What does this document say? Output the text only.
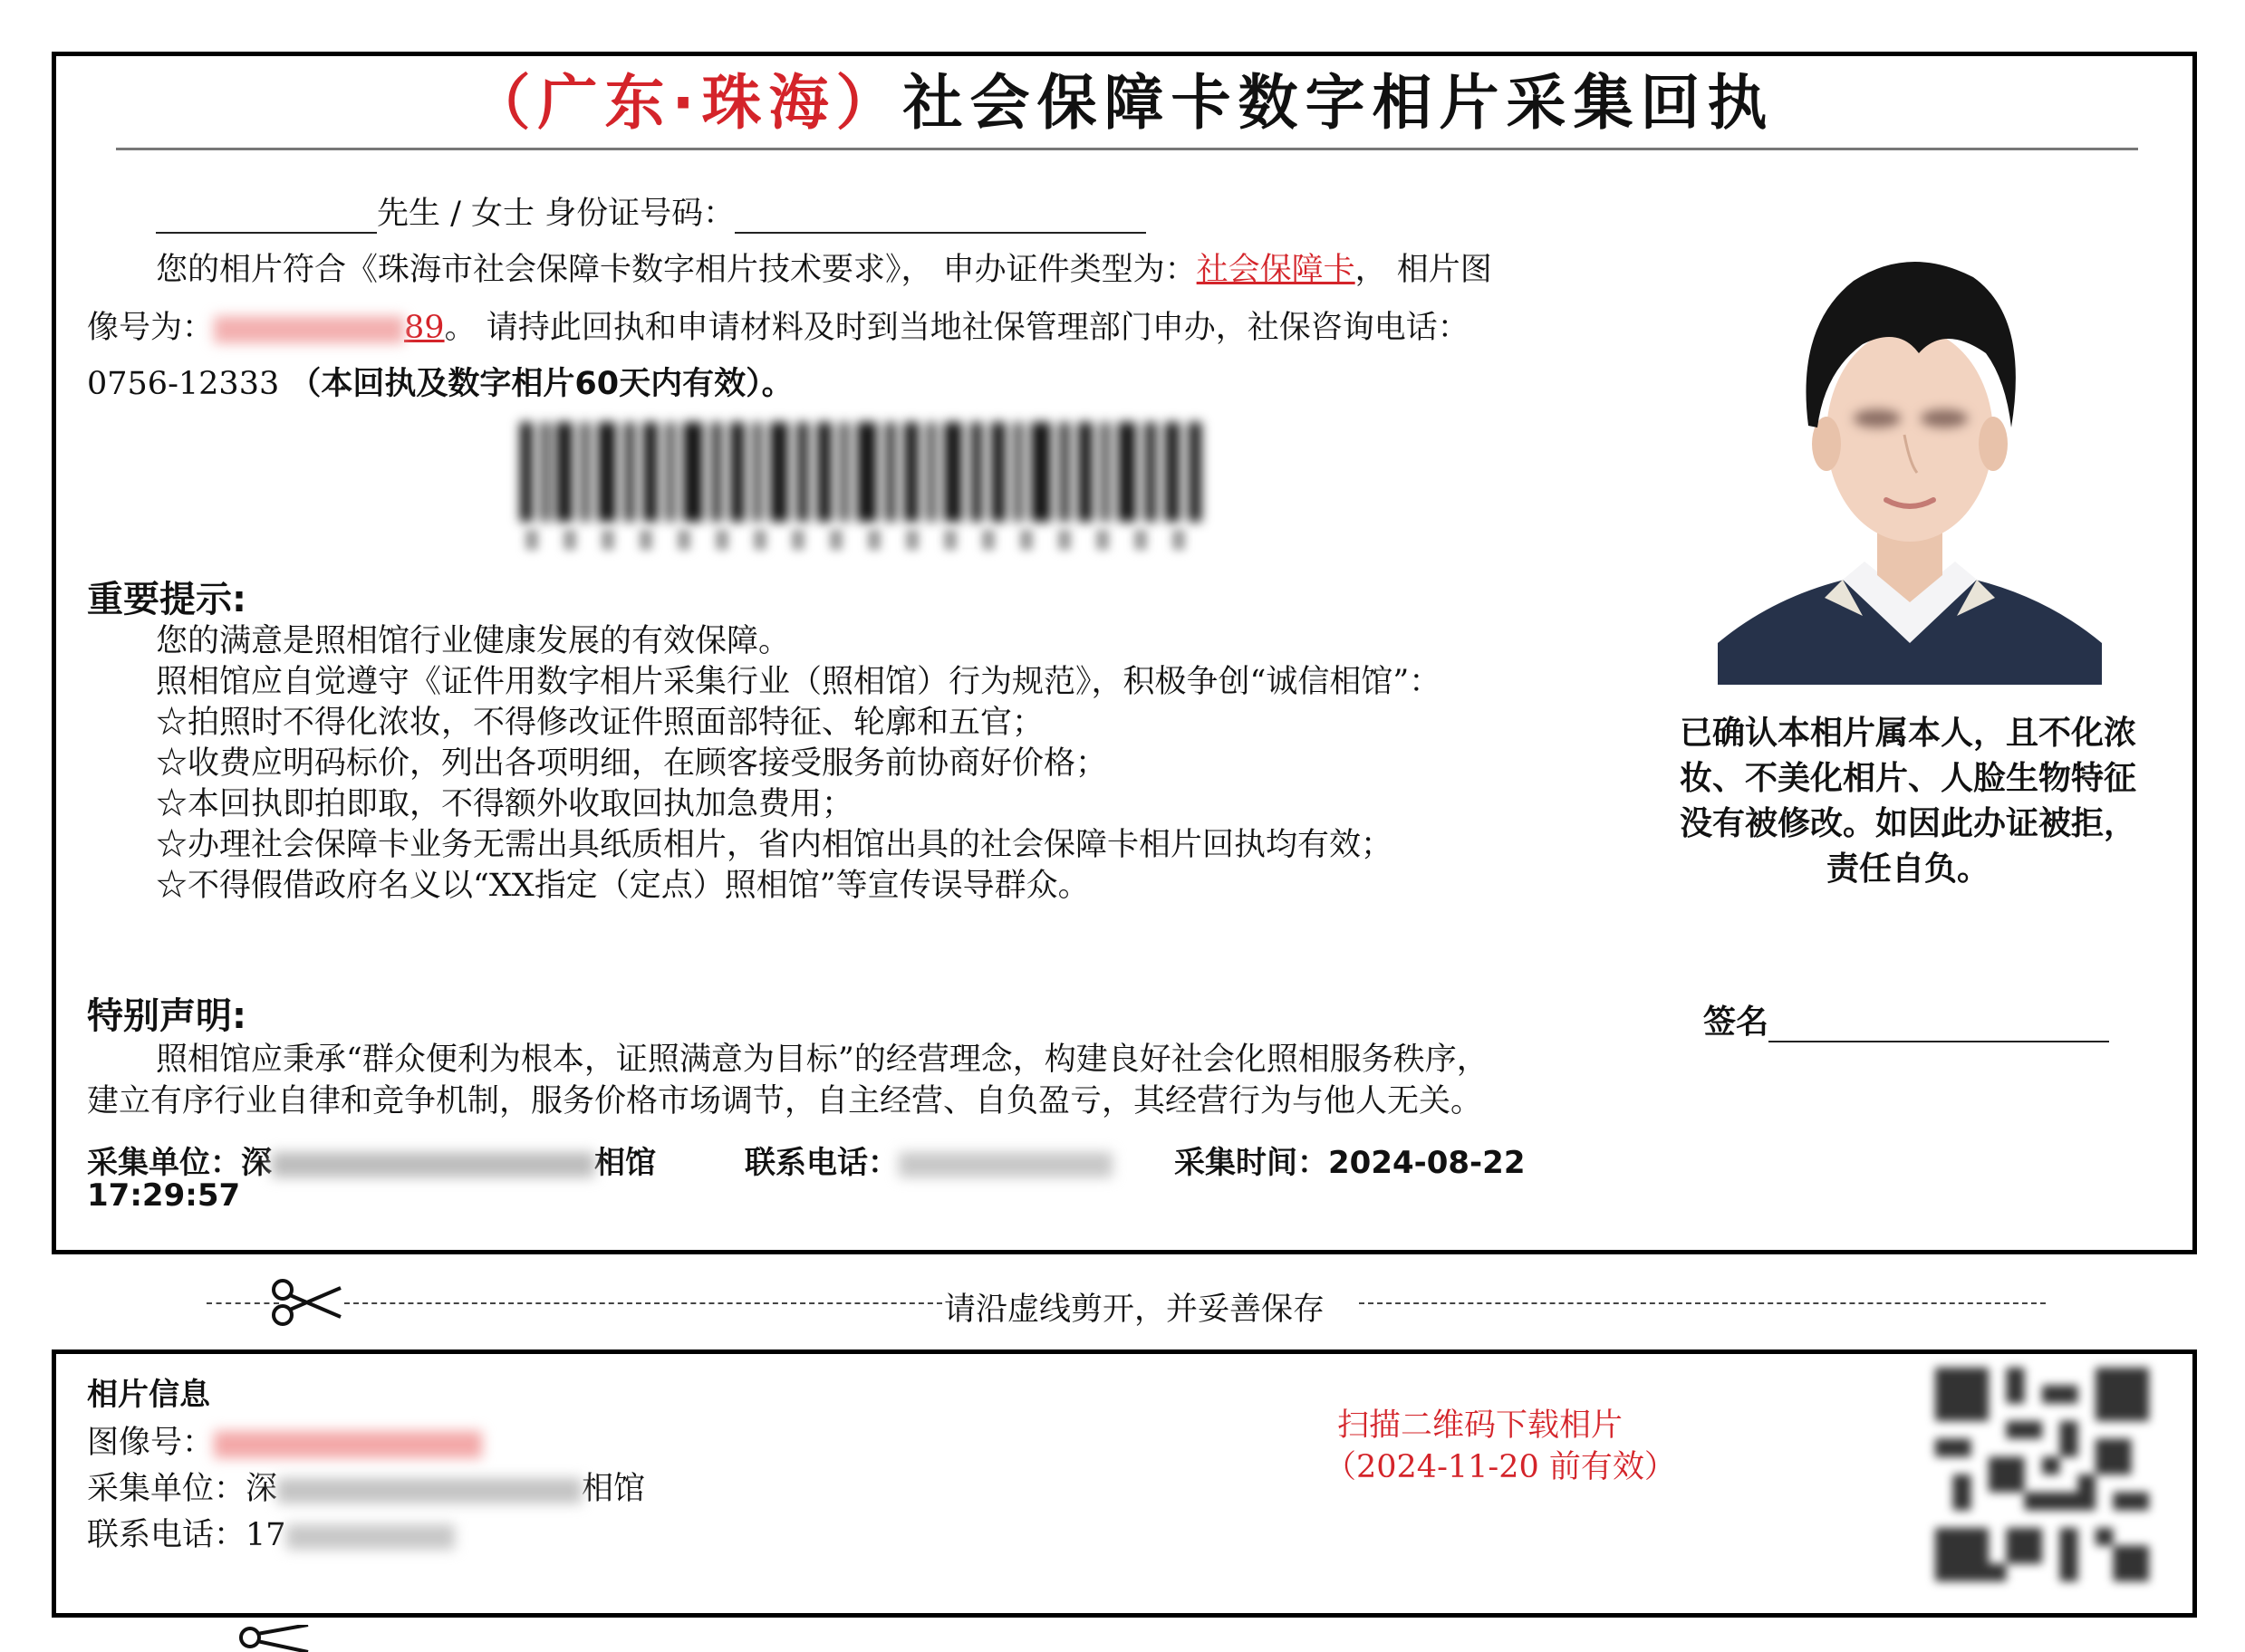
（广东·珠海）社会保障卡数字相片采集回执
先生 / 女士 身份证号码：
您的相片符合《珠海市社会保障卡数字相片技术要求》， 申办证件类型为：社会保障卡， 相片图
像号为：	89。 请持此回执和申请材料及时到当地社保管理部门申办，社保咨询电话：
0756-12333 （本回执及数字相片60天内有效）。
重要提示:
您的满意是照相馆行业健康发展的有效保障。
照相馆应自觉遵守《证件用数字相片采集行业（照相馆）行为规范》，积极争创“诚信相馆”：
☆拍照时不得化浓妆，不得修改证件照面部特征、轮廓和五官；
☆收费应明码标价，列出各项明细，在顾客接受服务前协商好价格；
☆本回执即拍即取，不得额外收取回执加急费用；
☆办理社会保障卡业务无需出具纸质相片，省内相馆出具的社会保障卡相片回执均有效；
☆不得假借政府名义以“XX指定（定点）照相馆”等宣传误导群众。
特别声明:
照相馆应秉承“群众便利为根本，证照满意为目标”的经营理念，构建良好社会化照相服务秩序，
建立有序行业自律和竞争机制，服务价格市场调节，自主经营、自负盈亏，其经营行为与他人无关。
采集单位：深	相馆	联系电话：	采集时间：2024-08-22
17:29:57
已确认本相片属本人，且不化浓
妆、不美化相片、人脸生物特征
没有被修改。如因此办证被拒，
责任自负。
签名
请沿虚线剪开，并妥善保存
相片信息
图像号：
采集单位：深	相馆
联系电话：17
扫描二维码下载相片
（2024-11-20 前有效）
